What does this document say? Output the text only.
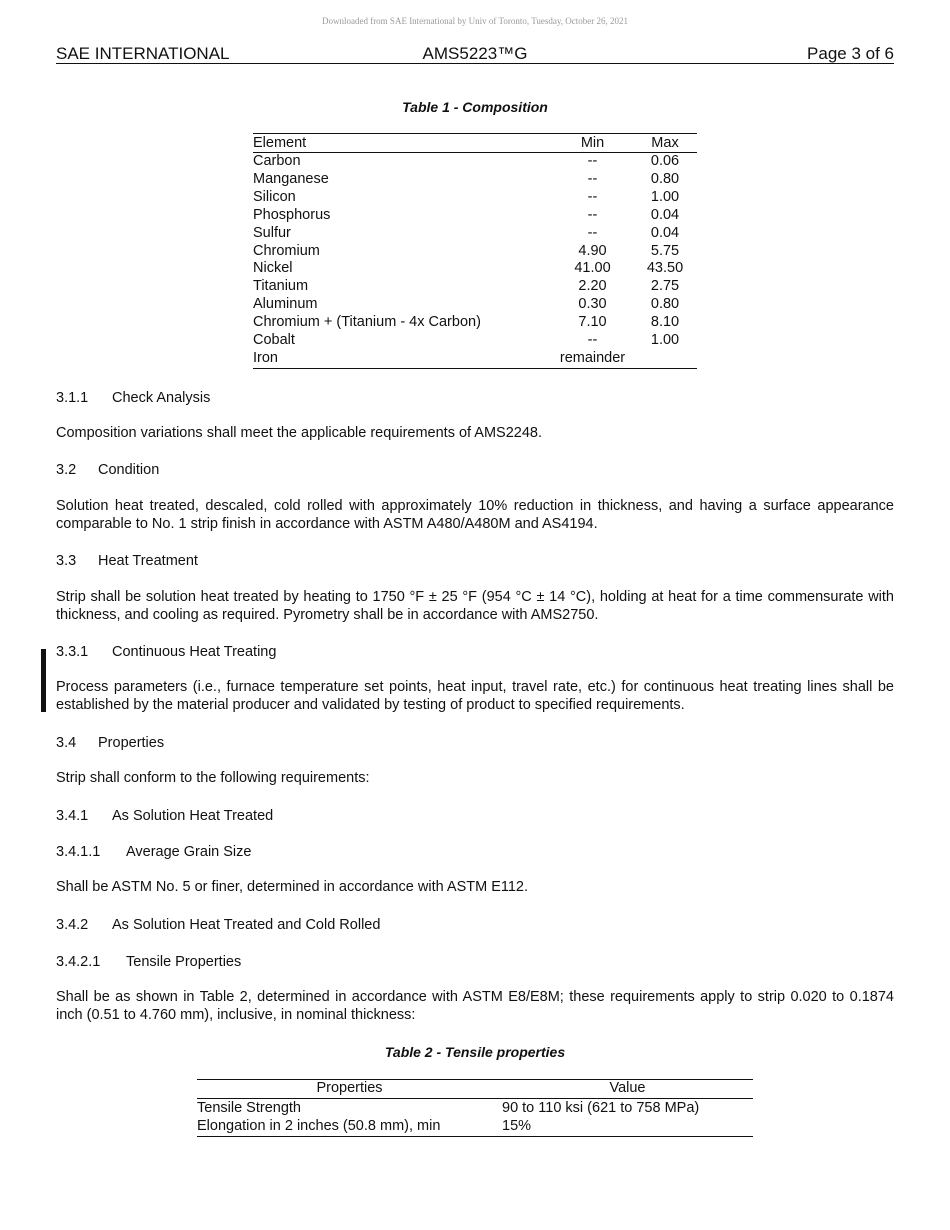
Downloaded from SAE International by Univ of Toronto, Tuesday, October 26, 2021
SAE INTERNATIONAL	AMS5223™G	Page 3 of 6
Table 1 - Composition
Element	Min	Max
Carbon	--	0.06
Manganese	--	0.80
Silicon	--	1.00
Phosphorus	--	0.04
Sulfur	--	0.04
Chromium	4.90	5.75
Nickel	41.00	43.50
Titanium	2.20	2.75
Aluminum	0.30	0.80
Chromium + (Titanium - 4x Carbon)	7.10	8.10
Cobalt	--	1.00
Iron	remainder	
3.1.1 Check Analysis
Composition variations shall meet the applicable requirements of AMS2248.
3.2 Condition
Solution heat treated, descaled, cold rolled with approximately 10% reduction in thickness, and having a surface appearance comparable to No. 1 strip finish in accordance with ASTM A480/A480M and AS4194.
3.3 Heat Treatment
Strip shall be solution heat treated by heating to 1750 °F ± 25 °F (954 °C ± 14 °C), holding at heat for a time commensurate with thickness, and cooling as required. Pyrometry shall be in accordance with AMS2750.
3.3.1 Continuous Heat Treating
Process parameters (i.e., furnace temperature set points, heat input, travel rate, etc.) for continuous heat treating lines shall be established by the material producer and validated by testing of product to specified requirements.
3.4 Properties
Strip shall conform to the following requirements:
3.4.1 As Solution Heat Treated
3.4.1.1 Average Grain Size
Shall be ASTM No. 5 or finer, determined in accordance with ASTM E112.
3.4.2 As Solution Heat Treated and Cold Rolled
3.4.2.1 Tensile Properties
Shall be as shown in Table 2, determined in accordance with ASTM E8/E8M; these requirements apply to strip 0.020 to 0.1874 inch (0.51 to 4.760 mm), inclusive, in nominal thickness:
Table 2 - Tensile properties
Properties	Value
Tensile Strength	90 to 110 ksi (621 to 758 MPa)
Elongation in 2 inches (50.8 mm), min	15%
